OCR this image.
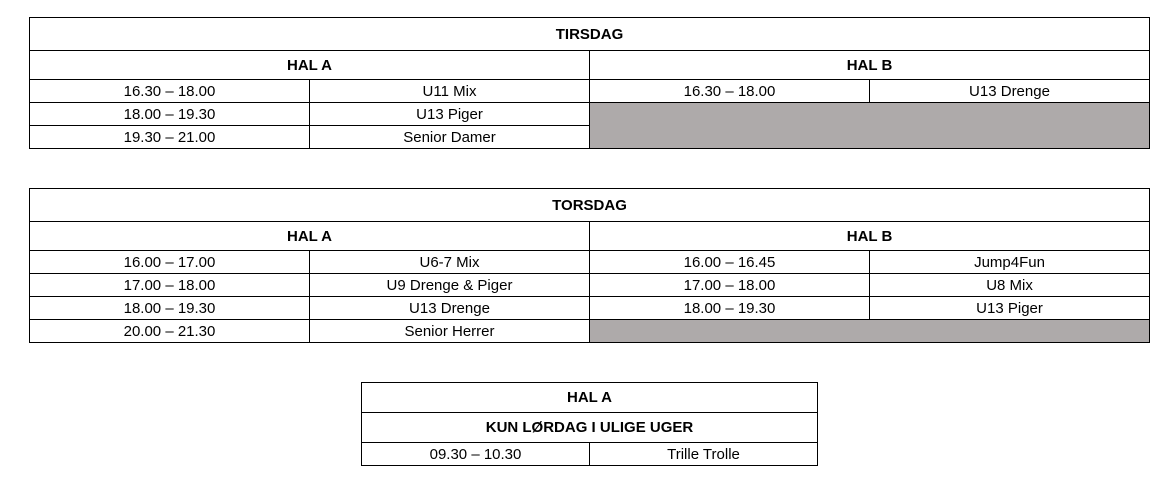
TIRSDAG			
HAL A		HAL B	
16.30 – 18.00	U11 Mix	16.30 – 18.00	U13 Drenge
18.00 – 19.30	U13 Piger		
19.30 – 21.00	Senior Damer		
TORSDAG			
HAL A		HAL B	
16.00 – 17.00	U6-7 Mix	16.00 – 16.45	Jump4Fun
17.00 – 18.00	U9 Drenge & Piger	17.00 – 18.00	U8 Mix
18.00 – 19.30	U13 Drenge	18.00 – 19.30	U13 Piger
20.00 – 21.30	Senior Herrer		
HAL A
KUN LØRDAG I ULIGE UGER
09.30 – 10.30	Trille Trolle
